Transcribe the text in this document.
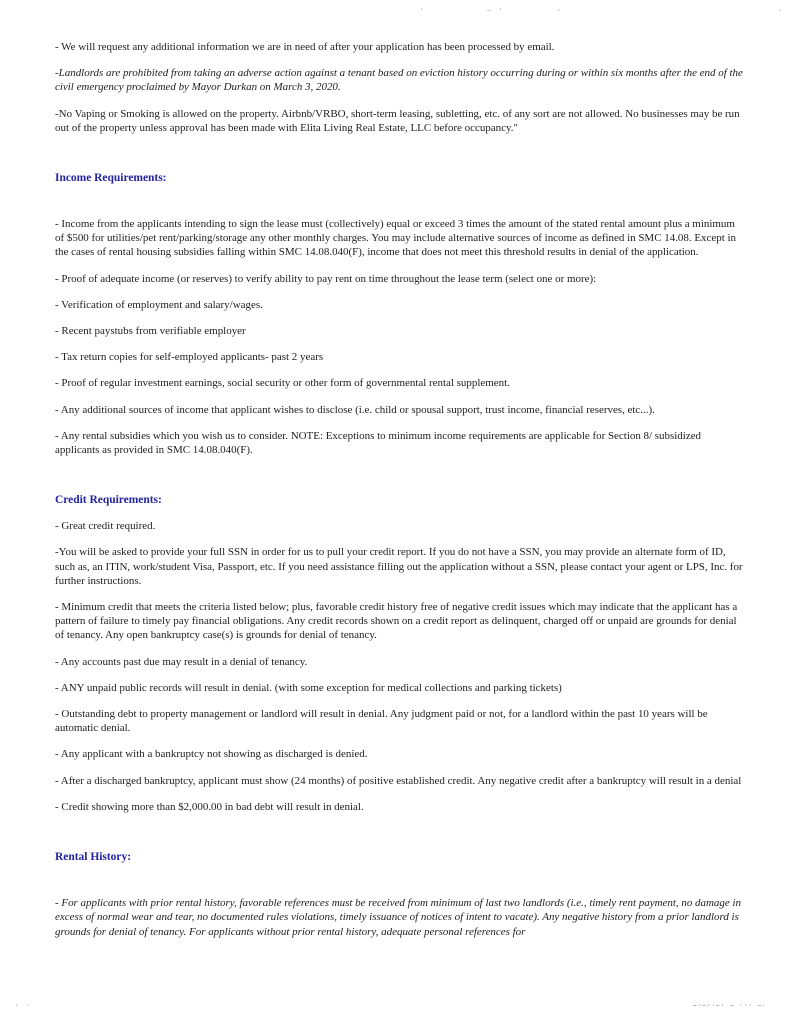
·	‥ ·	·	·
· ·	—·—··—· — ··· —·

- We will request any additional information we are in need of after your application has been processed by email.

-Landlords are prohibited from taking an adverse action against a tenant based on eviction history occurring during or within six months after the end of the civil emergency proclaimed by Mayor Durkan on March 3, 2020.

-No Vaping or Smoking is allowed on the property. Airbnb/VRBO, short-term leasing, subletting, etc. of any sort are not allowed. No businesses may be run out of the property unless approval has been made with Elita Living Real Estate, LLC before occupancy."

Income Requirements:

- Income from the applicants intending to sign the lease must (collectively) equal or exceed 3 times the amount of the stated rental amount plus a minimum of $500 for utilities/pet rent/parking/storage any other monthly charges. You may include alternative sources of income as defined in SMC 14.08. Except in the cases of rental housing subsidies falling within SMC 14.08.040(F), income that does not meet this threshold results in denial of the application.

- Proof of adequate income (or reserves) to verify ability to pay rent on time throughout the lease term (select one or more):

- Verification of employment and salary/wages.

- Recent paystubs from verifiable employer

- Tax return copies for self-employed applicants- past 2 years

- Proof of regular investment earnings, social security or other form of governmental rental supplement.

- Any additional sources of income that applicant wishes to disclose (i.e. child or spousal support, trust income, financial reserves, etc...).

- Any rental subsidies which you wish us to consider. NOTE: Exceptions to minimum income requirements are applicable for Section 8/ subsidized applicants as provided in SMC 14.08.040(F).

Credit Requirements:

- Great credit required.

-You will be asked to provide your full SSN in order for us to pull your credit report. If you do not have a SSN, you may provide an alternate form of ID, such as, an ITIN, work/student Visa, Passport, etc. If you need assistance filling out the application without a SSN, please contact your agent or LPS, Inc. for further instructions.

- Minimum credit that meets the criteria listed below; plus, favorable credit history free of negative credit issues which may indicate that the applicant has a pattern of failure to timely pay financial obligations. Any credit records shown on a credit report as delinquent, charged off or unpaid are grounds for denial of tenancy. Any open bankruptcy case(s) is grounds for denial of tenancy.

- Any accounts past due may result in a denial of tenancy.

- ANY unpaid public records will result in denial. (with some exception for medical collections and parking tickets)

- Outstanding debt to property management or landlord will result in denial. Any judgment paid or not, for a landlord within the past 10 years will be automatic denial.

- Any applicant with a bankruptcy not showing as discharged is denied.

- After a discharged bankruptcy, applicant must show (24 months) of positive established credit. Any negative credit after a bankruptcy will result in a denial

- Credit showing more than $2,000.00 in bad debt will result in denial.

Rental History:

- For applicants with prior rental history, favorable references must be received from minimum of last two landlords (i.e., timely rent payment, no damage in excess of normal wear and tear, no documented rules violations, timely issuance of notices of intent to vacate). Any negative history from a prior landlord is grounds for denial of tenancy. For applicants without prior rental history, adequate personal references for
